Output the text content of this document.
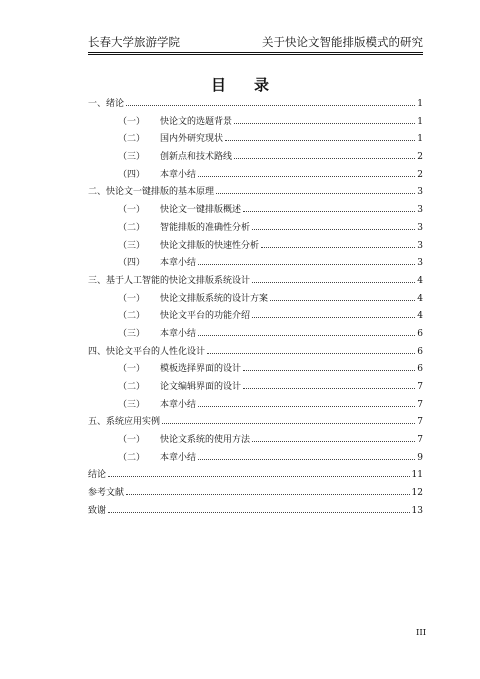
长春大学旅游学院	关于快论文智能排版模式的研究
目录
一、绪论	1
（一）	快论文的选题背景	1
（二）	国内外研究现状	1
（三）	创新点和技术路线	2
（四）	本章小结	2
二、快论文一键排版的基本原理	3
（一）	快论文一键排版概述	3
（二）	智能排版的准确性分析	3
（三）	快论文排版的快速性分析	3
（四）	本章小结	3
三、基于人工智能的快论文排版系统设计	4
（一）	快论文排版系统的设计方案	4
（二）	快论文平台的功能介绍	4
（三）	本章小结	6
四、快论文平台的人性化设计	6
（一）	模板选择界面的设计	6
（二）	论文编辑界面的设计	7
（三）	本章小结	7
五、系统应用实例	7
（一）	快论文系统的使用方法	7
（二）	本章小结	9
结论	11
参考文献	12
致谢	13
III
